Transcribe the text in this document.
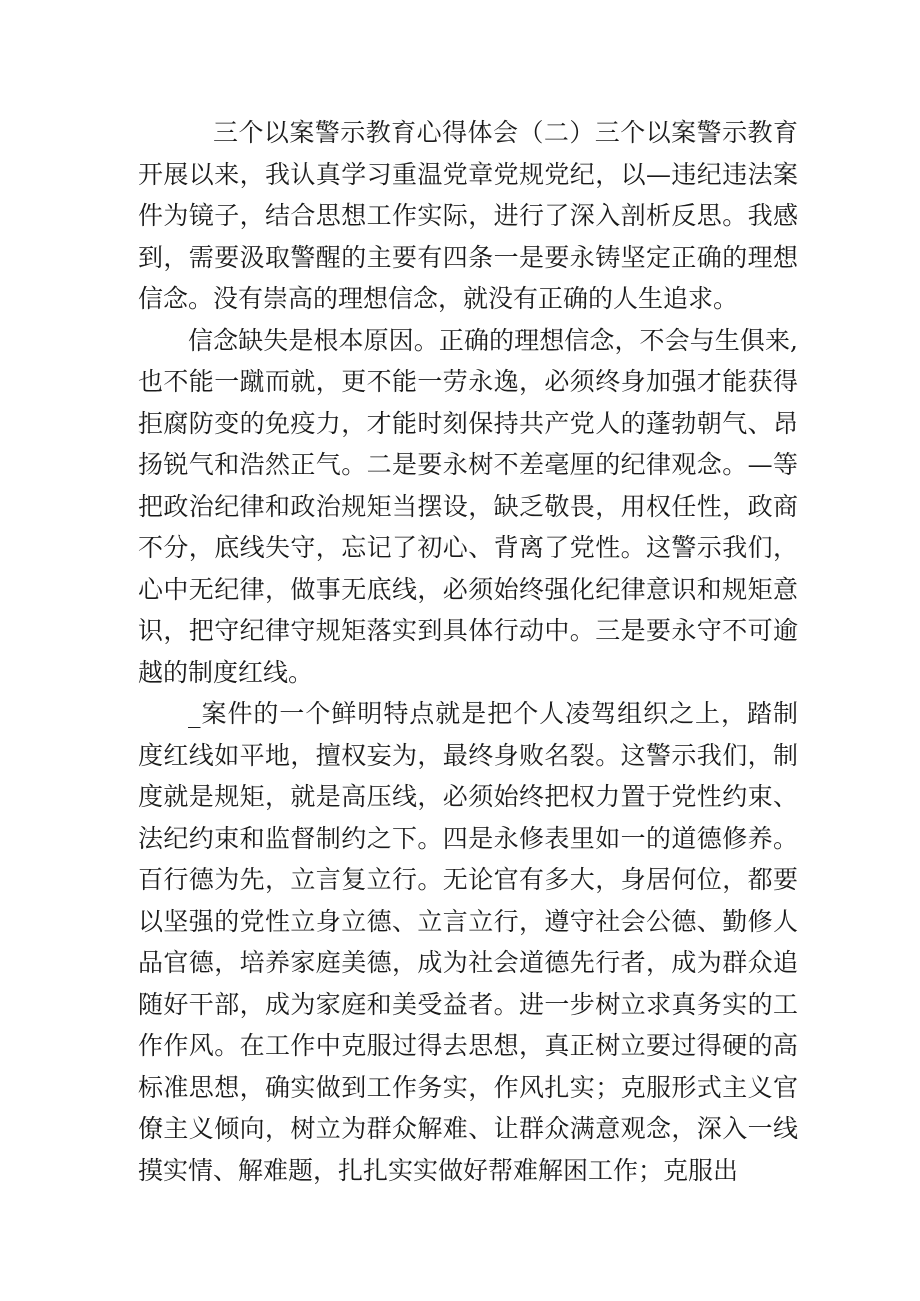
三个以案警示教育心得体会（二）三个以案警示教育开展以来，我认真学习重温党章党规党纪，以—违纪违法案件为镜子，结合思想工作实际，进行了深入剖析反思。我感到，需要汲取警醒的主要有四条一是要永铸坚定正确的理想信念。没有崇高的理想信念，就没有正确的人生追求。

信念缺失是根本原因。正确的理想信念，不会与生俱来,也不能一蹴而就，更不能一劳永逸，必须终身加强才能获得拒腐防变的免疫力，才能时刻保持共产党人的蓬勃朝气、昂扬锐气和浩然正气。二是要永树不差毫厘的纪律观念。—等把政治纪律和政治规矩当摆设，缺乏敬畏，用权任性，政商不分，底线失守，忘记了初心、背离了党性。这警示我们，心中无纪律，做事无底线，必须始终强化纪律意识和规矩意识，把守纪律守规矩落实到具体行动中。三是要永守不可逾越的制度红线。

_案件的一个鲜明特点就是把个人凌驾组织之上，踏制度红线如平地，擅权妄为，最终身败名裂。这警示我们，制度就是规矩，就是高压线，必须始终把权力置于党性约束、法纪约束和监督制约之下。四是永修表里如一的道德修养。百行德为先，立言复立行。无论官有多大，身居何位，都要以坚强的党性立身立德、立言立行，遵守社会公德、勤修人品官德，培养家庭美德，成为社会道德先行者，成为群众追随好干部，成为家庭和美受益者。进一步树立求真务实的工作作风。在工作中克服过得去思想，真正树立要过得硬的高标准思想，确实做到工作务实，作风扎实；克服形式主义官僚主义倾向，树立为群众解难、让群众满意观念，深入一线摸实情、解难题，扎扎实实做好帮难解困工作；克服出
